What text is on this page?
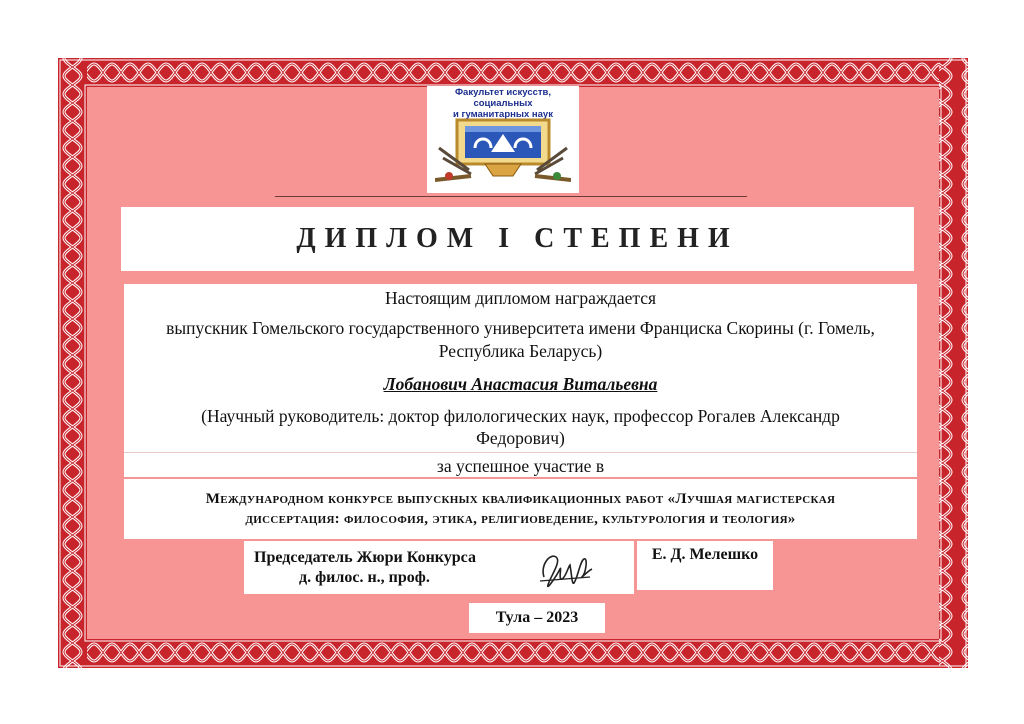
Факультет искусств, социальных
и гуманитарных наук
ДИПЛОМ I СТЕПЕНИ
Настоящим дипломом награждается
выпускник Гомельского государственного университета имени Франциска Скорины (г. Гомель,
Республика Беларусь)
Лобанович Анастасия Витальевна
(Научный руководитель: доктор филологических наук, профессор Рогалев Александр
Федорович)
за успешное участие в
Международном конкурсе выпускных квалификационных работ «Лучшая магистерская
диссертация: философия, этика, религиоведение, культурология и теология»
Председатель Жюри Конкурса
д. филос. н., проф.
Е. Д. Мелешко
Тула – 2023
